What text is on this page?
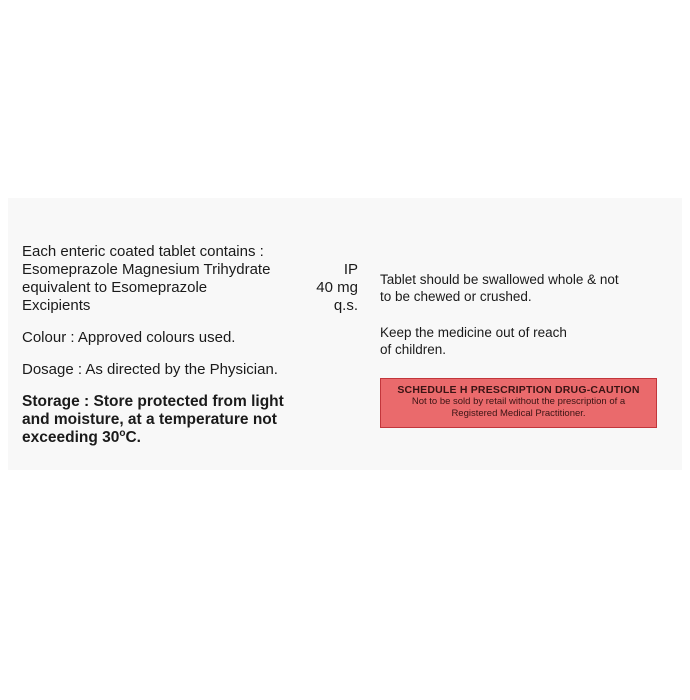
Each enteric coated tablet contains :
Esomeprazole Magnesium Trihydrate	IP
equivalent to Esomeprazole	40 mg
Excipients	q.s.
Colour : Approved colours used.
Dosage : As directed by the Physician.
Storage : Store protected from light
and moisture, at a temperature not
exceeding 30$^o$C.
Tablet should be swallowed whole & not
to be chewed or crushed.
Keep the medicine out of reach
of children.
SCHEDULE H PRESCRIPTION DRUG-CAUTION
Not to be sold by retail without the prescription of a
Registered Medical Practitioner.
